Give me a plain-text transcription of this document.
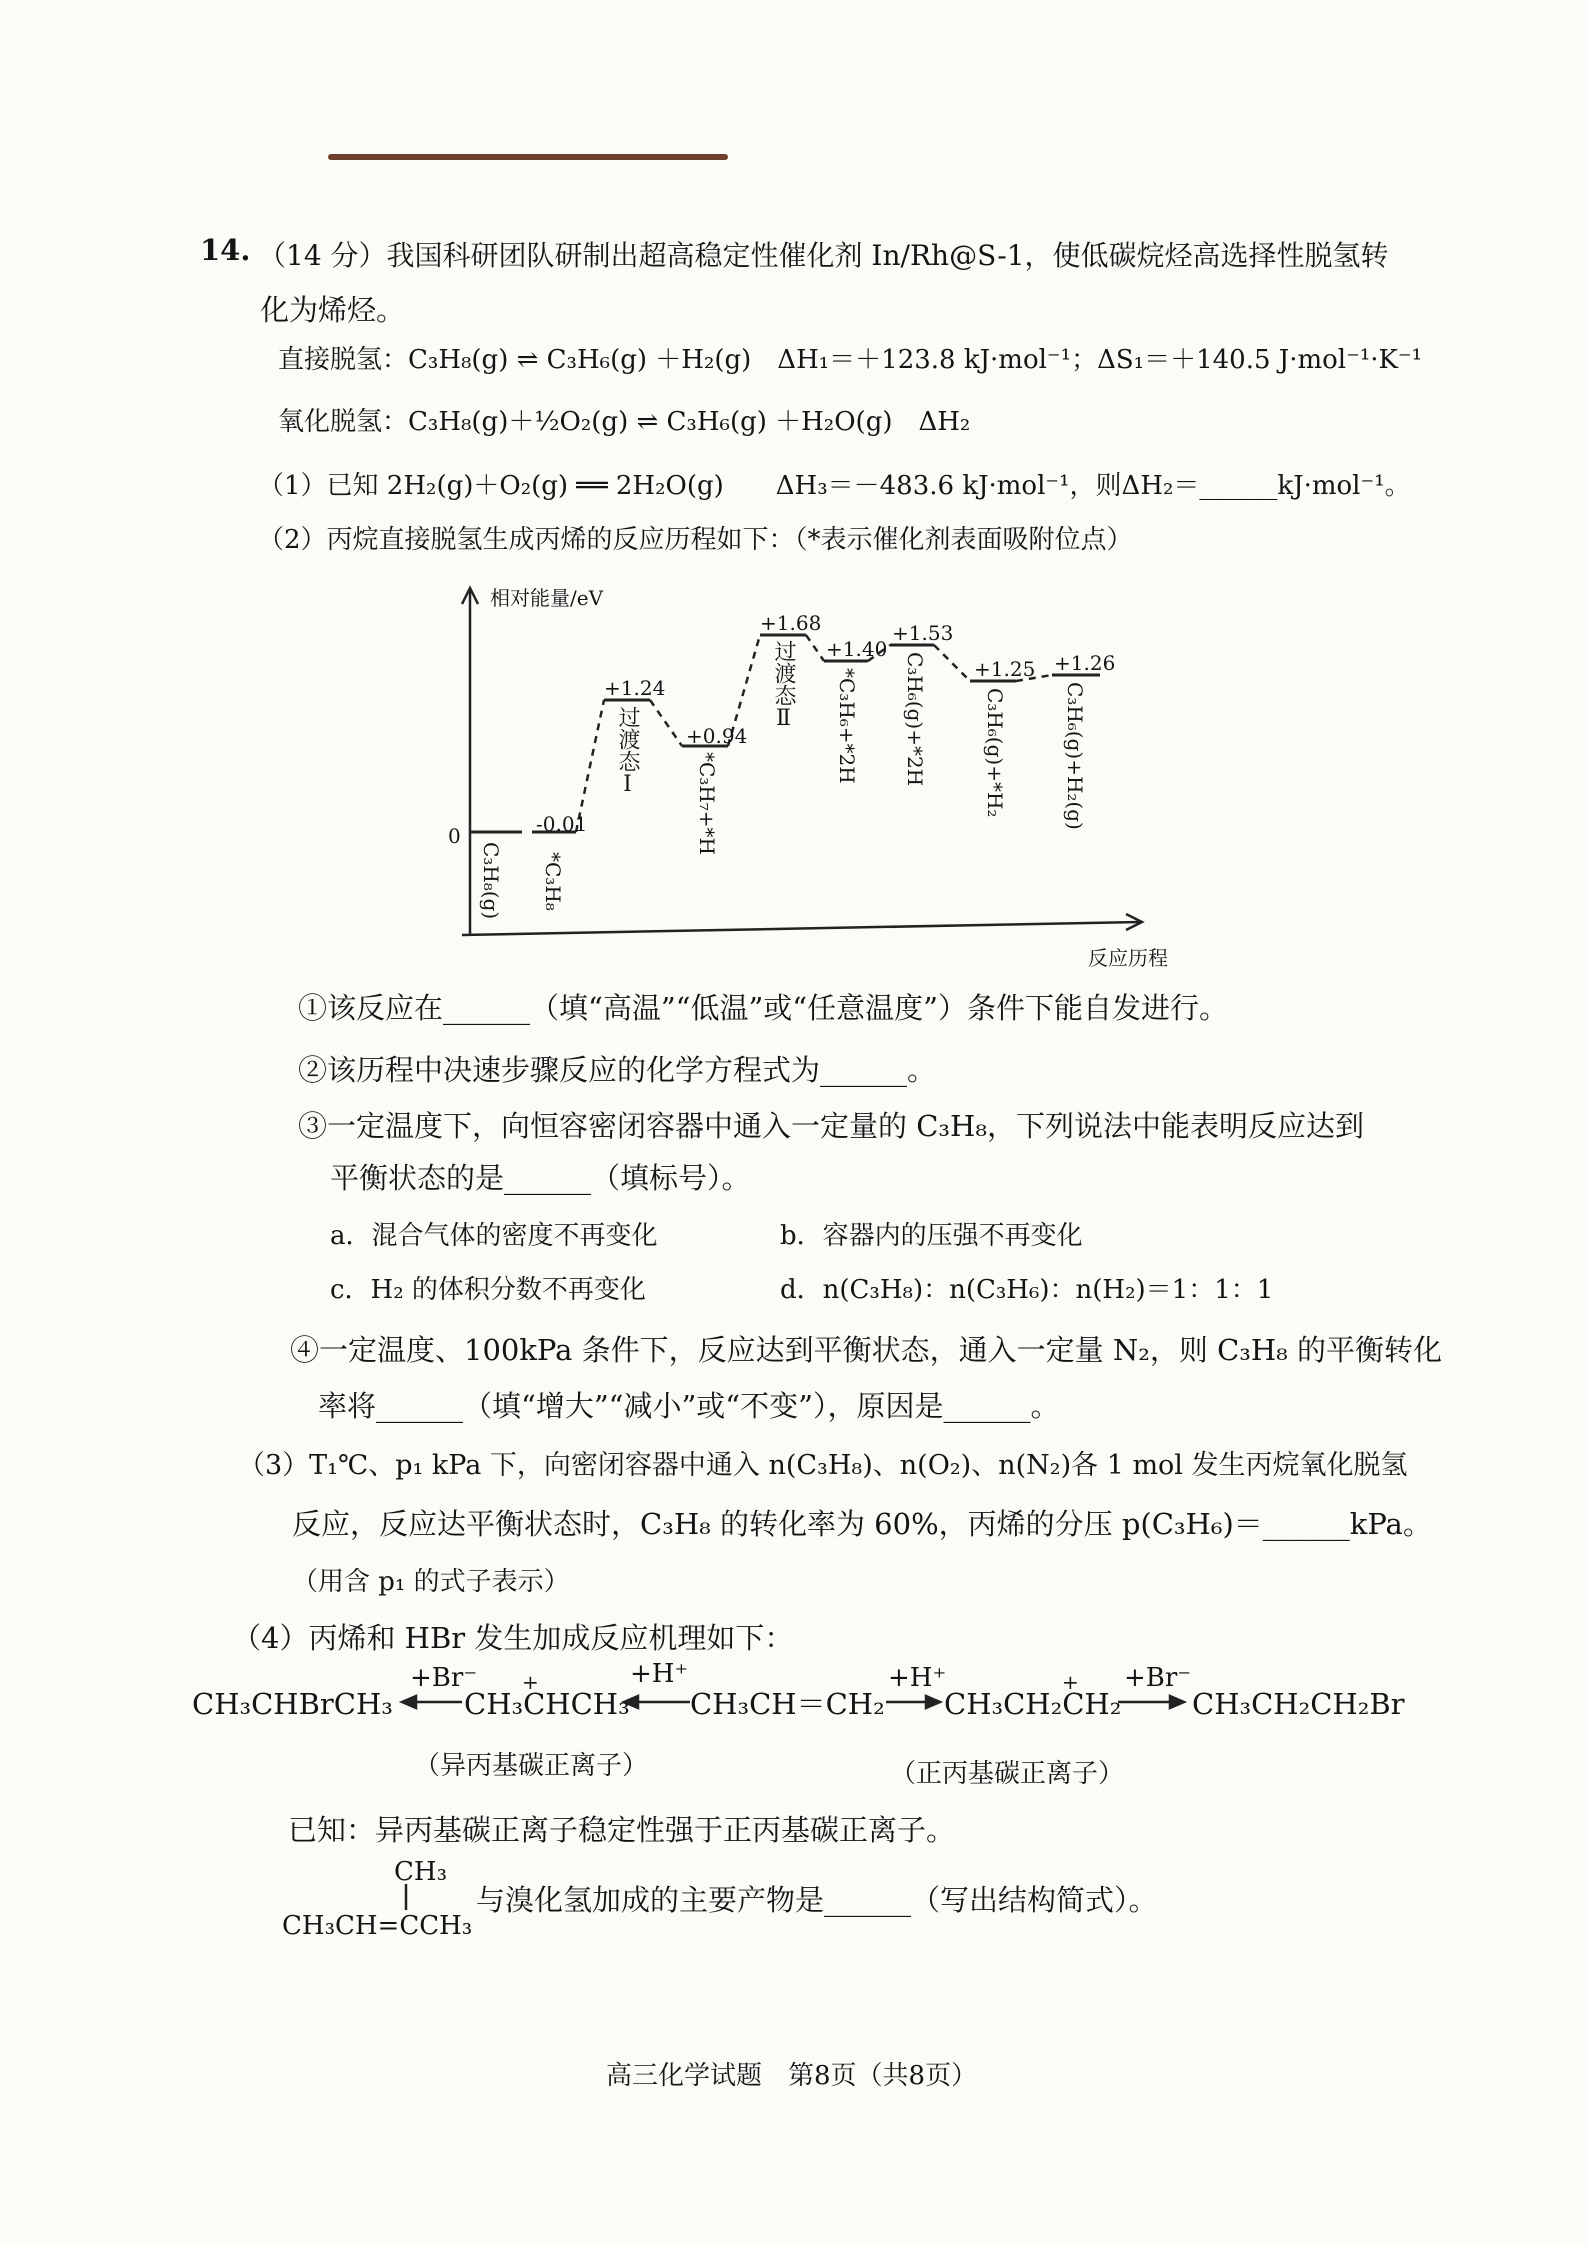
14. （14 分）我国科研团队研制出超高稳定性催化剂 In/Rh@S-1，使低碳烷烃高选择性脱氢转
化为烯烃。
直接脱氢：C₃H₈(g) ⇌ C₃H₆(g) ＋H₂(g)　ΔH₁＝＋123.8 kJ·mol⁻¹；ΔS₁＝＋140.5 J·mol⁻¹·K⁻¹
氧化脱氢：C₃H₈(g)＋½O₂(g) ⇌ C₃H₆(g) ＋H₂O(g)　ΔH₂
（1）已知 2H₂(g)＋O₂(g) ══ 2H₂O(g)　　ΔH₃＝－483.6 kJ·mol⁻¹，则ΔH₂＝______kJ·mol⁻¹。
（2）丙烷直接脱氢生成丙烯的反应历程如下：（*表示催化剂表面吸附位点）
相对能量/eV
反应历程
0	-0.01
+1.24
+0.94
+1.68
+1.40
+1.53
+1.25 +1.26
C₃H₈(g) *C₃H₈
过渡态Ⅰ
*C₃H₇+*H
过渡态Ⅱ *C₃H₆+*2H C₃H₆(g)+*2H	C₃H₆(g)+*H₂	C₃H₆(g)+H₂(g)
①该反应在______（填“高温”“低温”或“任意温度”）条件下能自发进行。
②该历程中决速步骤反应的化学方程式为______。
③一定温度下，向恒容密闭容器中通入一定量的 C₃H₈，下列说法中能表明反应达到
平衡状态的是______（填标号）。
a．混合气体的密度不再变化	b．容器内的压强不再变化
c．H₂ 的体积分数不再变化	d．n(C₃H₈)：n(C₃H₆)：n(H₂)＝1：1：1
④一定温度、100kPa 条件下，反应达到平衡状态，通入一定量 N₂，则 C₃H₈ 的平衡转化
率将______（填“增大”“减小”或“不变”），原因是______。
（3）T₁℃、p₁ kPa 下，向密闭容器中通入 n(C₃H₈)、n(O₂)、n(N₂)各 1 mol 发生丙烷氧化脱氢
反应，反应达平衡状态时，C₃H₈ 的转化率为 60%，丙烯的分压 p(C₃H₆)＝______kPa。
（用含 p₁ 的式子表示）
（4）丙烯和 HBr 发生加成反应机理如下：
CH₃CHBrCH₃ CH₃CHCH₃ CH₃CH＝CH₂ CH₃CH₂CH₂ CH₃CH₂CH₂Br
+Br⁻	+H⁺	+H⁺	+Br⁻
+	+
（异丙基碳正离子）	（正丙基碳正离子）
已知：异丙基碳正离子稳定性强于正丙基碳正离子。
CH₃
CH₃CH=CCH₃
与溴化氢加成的主要产物是______（写出结构简式）。
高三化学试题　第8页（共8页）
